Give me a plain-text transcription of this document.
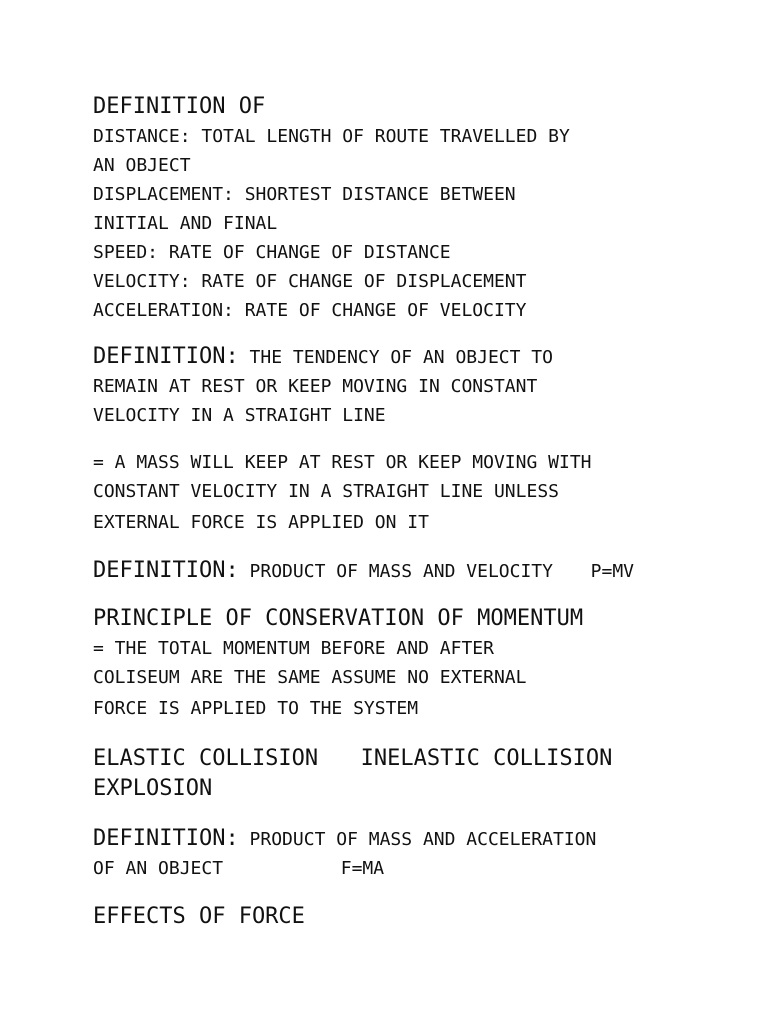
DEFINITION OF
DISTANCE: TOTAL LENGTH OF ROUTE TRAVELLED BY
AN OBJECT
DISPLACEMENT: SHORTEST DISTANCE BETWEEN
INITIAL AND FINAL
SPEED: RATE OF CHANGE OF DISTANCE
VELOCITY: RATE OF CHANGE OF DISPLACEMENT
ACCELERATION: RATE OF CHANGE OF VELOCITY
DEFINITION: THE TENDENCY OF AN OBJECT TO
REMAIN AT REST OR KEEP MOVING IN CONSTANT
VELOCITY IN A STRAIGHT LINE
= A MASS WILL KEEP AT REST OR KEEP MOVING WITH
CONSTANT VELOCITY IN A STRAIGHT LINE UNLESS
EXTERNAL FORCE IS APPLIED ON IT
DEFINITION: PRODUCT OF MASS AND VELOCITY P=MV
PRINCIPLE OF CONSERVATION OF MOMENTUM
= THE TOTAL MOMENTUM BEFORE AND AFTER
COLISEUM ARE THE SAME ASSUME NO EXTERNAL
FORCE IS APPLIED TO THE SYSTEM
ELASTIC COLLISION INELASTIC COLLISION
EXPLOSION
DEFINITION: PRODUCT OF MASS AND ACCELERATION
OF AN OBJECT	F=MA
EFFECTS OF FORCE
